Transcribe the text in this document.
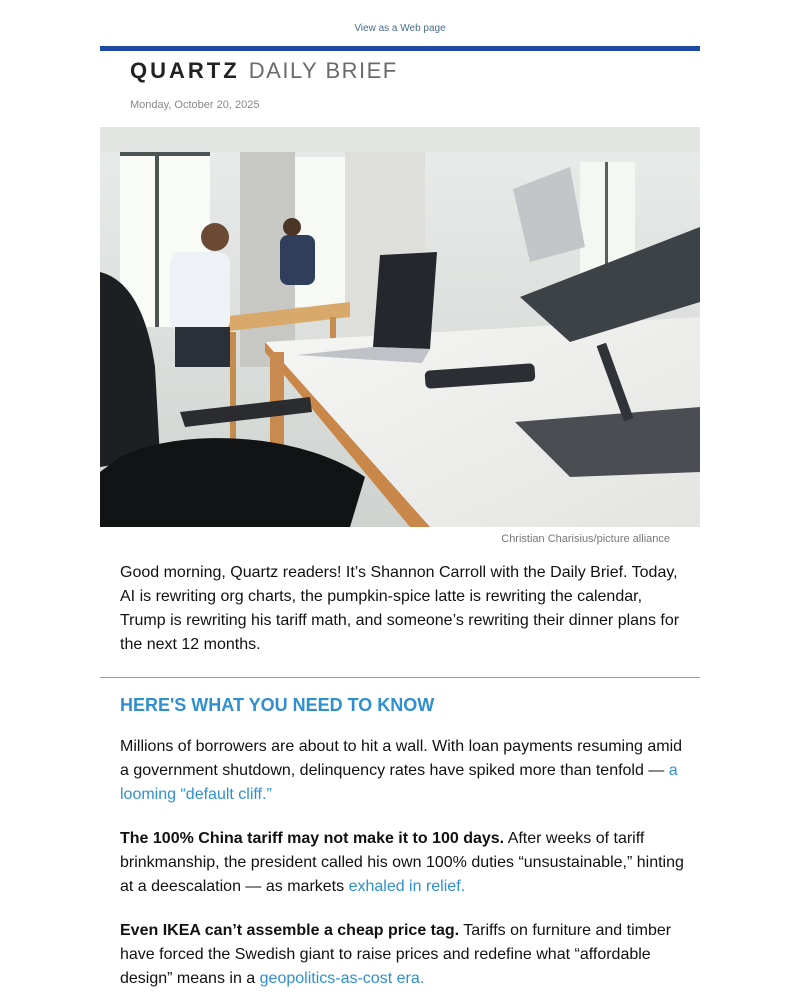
View as a Web page
QUARTZ DAILY BRIEF
Monday, October 20, 2025
Christian Charisius/picture alliance

Good morning, Quartz readers! It’s Shannon Carroll with the Daily Brief. Today, AI is rewriting org charts, the pumpkin-spice latte is rewriting the calendar, Trump is rewriting his tariff math, and someone’s rewriting their dinner plans for the next 12 months.

HERE'S WHAT YOU NEED TO KNOW

Millions of borrowers are about to hit a wall. With loan payments resuming amid a government shutdown, delinquency rates have spiked more than tenfold — a looming “default cliff.”

The 100% China tariff may not make it to 100 days. After weeks of tariff brinkmanship, the president called his own 100% duties “unsustainable,” hinting at a deescalation — as markets exhaled in relief.

Even IKEA can’t assemble a cheap price tag. Tariffs on furniture and timber have forced the Swedish giant to raise prices and redefine what “affordable design” means in a geopolitics-as-cost era.
